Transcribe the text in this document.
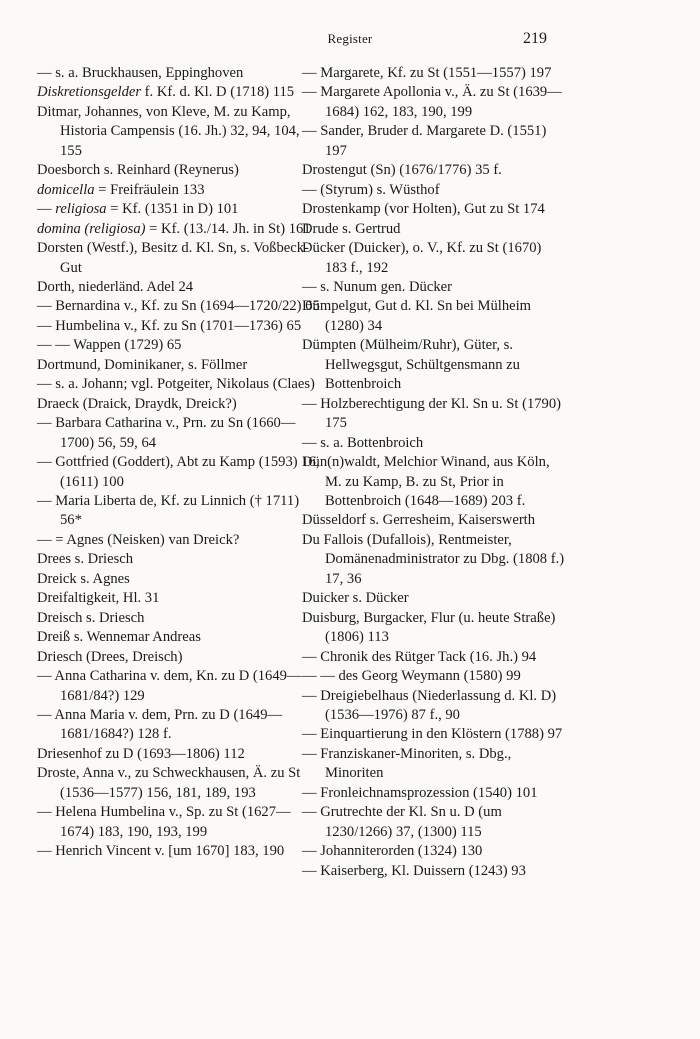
Register	219
— s. a. Bruckhausen, Eppinghoven
Diskretionsgelder f. Kf. d. Kl. D (1718) 115
Ditmar, Johannes, von Kleve, M. zu Kamp, Historia Campensis (16. Jh.) 32, 94, 104, 155
Doesborch s. Reinhard (Reynerus)
domicella = Freifräulein 133
— religiosa = Kf. (1351 in D) 101
domina (religiosa) = Kf. (13./14. Jh. in St) 161
Dorsten (Westf.), Besitz d. Kl. Sn, s. Voßbeck-Gut
Dorth, niederländ. Adel 24
— Bernardina v., Kf. zu Sn (1694—1720/22) 65
— Humbelina v., Kf. zu Sn (1701—1736) 65
— — Wappen (1729) 65
Dortmund, Dominikaner, s. Föllmer
— s. a. Johann; vgl. Potgeiter, Nikolaus (Claes)
Draeck (Draick, Draydk, Dreick?)
— Barbara Catharina v., Prn. zu Sn (1660—1700) 56, 59, 64
— Gottfried (Goddert), Abt zu Kamp (1593) 16, (1611) 100
— Maria Liberta de, Kf. zu Linnich († 1711) 56*
— = Agnes (Neisken) van Dreick?
Drees s. Driesch
Dreick s. Agnes
Dreifaltigkeit, Hl. 31
Dreisch s. Driesch
Dreiß s. Wennemar Andreas
Driesch (Drees, Dreisch)
— Anna Catharina v. dem, Kn. zu D (1649—1681/84?) 129
— Anna Maria v. dem, Prn. zu D (1649—1681/1684?) 128 f.
Driesenhof zu D (1693—1806) 112
Droste, Anna v., zu Schweckhausen, Ä. zu St (1536—1577) 156, 181, 189, 193
— Helena Humbelina v., Sp. zu St (1627—1674) 183, 190, 193, 199
— Henrich Vincent v. [um 1670] 183, 190
— Margarete, Kf. zu St (1551—1557) 197
— Margarete Apollonia v., Ä. zu St (1639—1684) 162, 183, 190, 199
— Sander, Bruder d. Margarete D. (1551) 197
Drostengut (Sn) (1676/1776) 35 f.
— (Styrum) s. Wüsthof
Drostenkamp (vor Holten), Gut zu St 174
Drude s. Gertrud
Dücker (Duicker), o. V., Kf. zu St (1670) 183 f., 192
— s. Nunum gen. Dücker
Dümpelgut, Gut d. Kl. Sn bei Mülheim (1280) 34
Dümpten (Mülheim/Ruhr), Güter, s. Hellwegsgut, Schültgensmann zu Bottenbroich
— Holzberechtigung der Kl. Sn u. St (1790) 175
— s. a. Bottenbroich
Dün(n)waldt, Melchior Winand, aus Köln, M. zu Kamp, B. zu St, Prior in Bottenbroich (1648—1689) 203 f.
Düsseldorf s. Gerresheim, Kaiserswerth
Du Fallois (Dufallois), Rentmeister, Domänenadministrator zu Dbg. (1808 f.) 17, 36
Duicker s. Dücker
Duisburg, Burgacker, Flur (u. heute Straße) (1806) 113
— Chronik des Rütger Tack (16. Jh.) 94
— — des Georg Weymann (1580) 99
— Dreigiebelhaus (Niederlassung d. Kl. D) (1536—1976) 87 f., 90
— Einquartierung in den Klöstern (1788) 97
— Franziskaner-Minoriten, s. Dbg., Minoriten
— Fronleichnamsprozession (1540) 101
— Grutrechte der Kl. Sn u. D (um 1230/1266) 37, (1300) 115
— Johanniterorden (1324) 130
— Kaiserberg, Kl. Duissern (1243) 93
